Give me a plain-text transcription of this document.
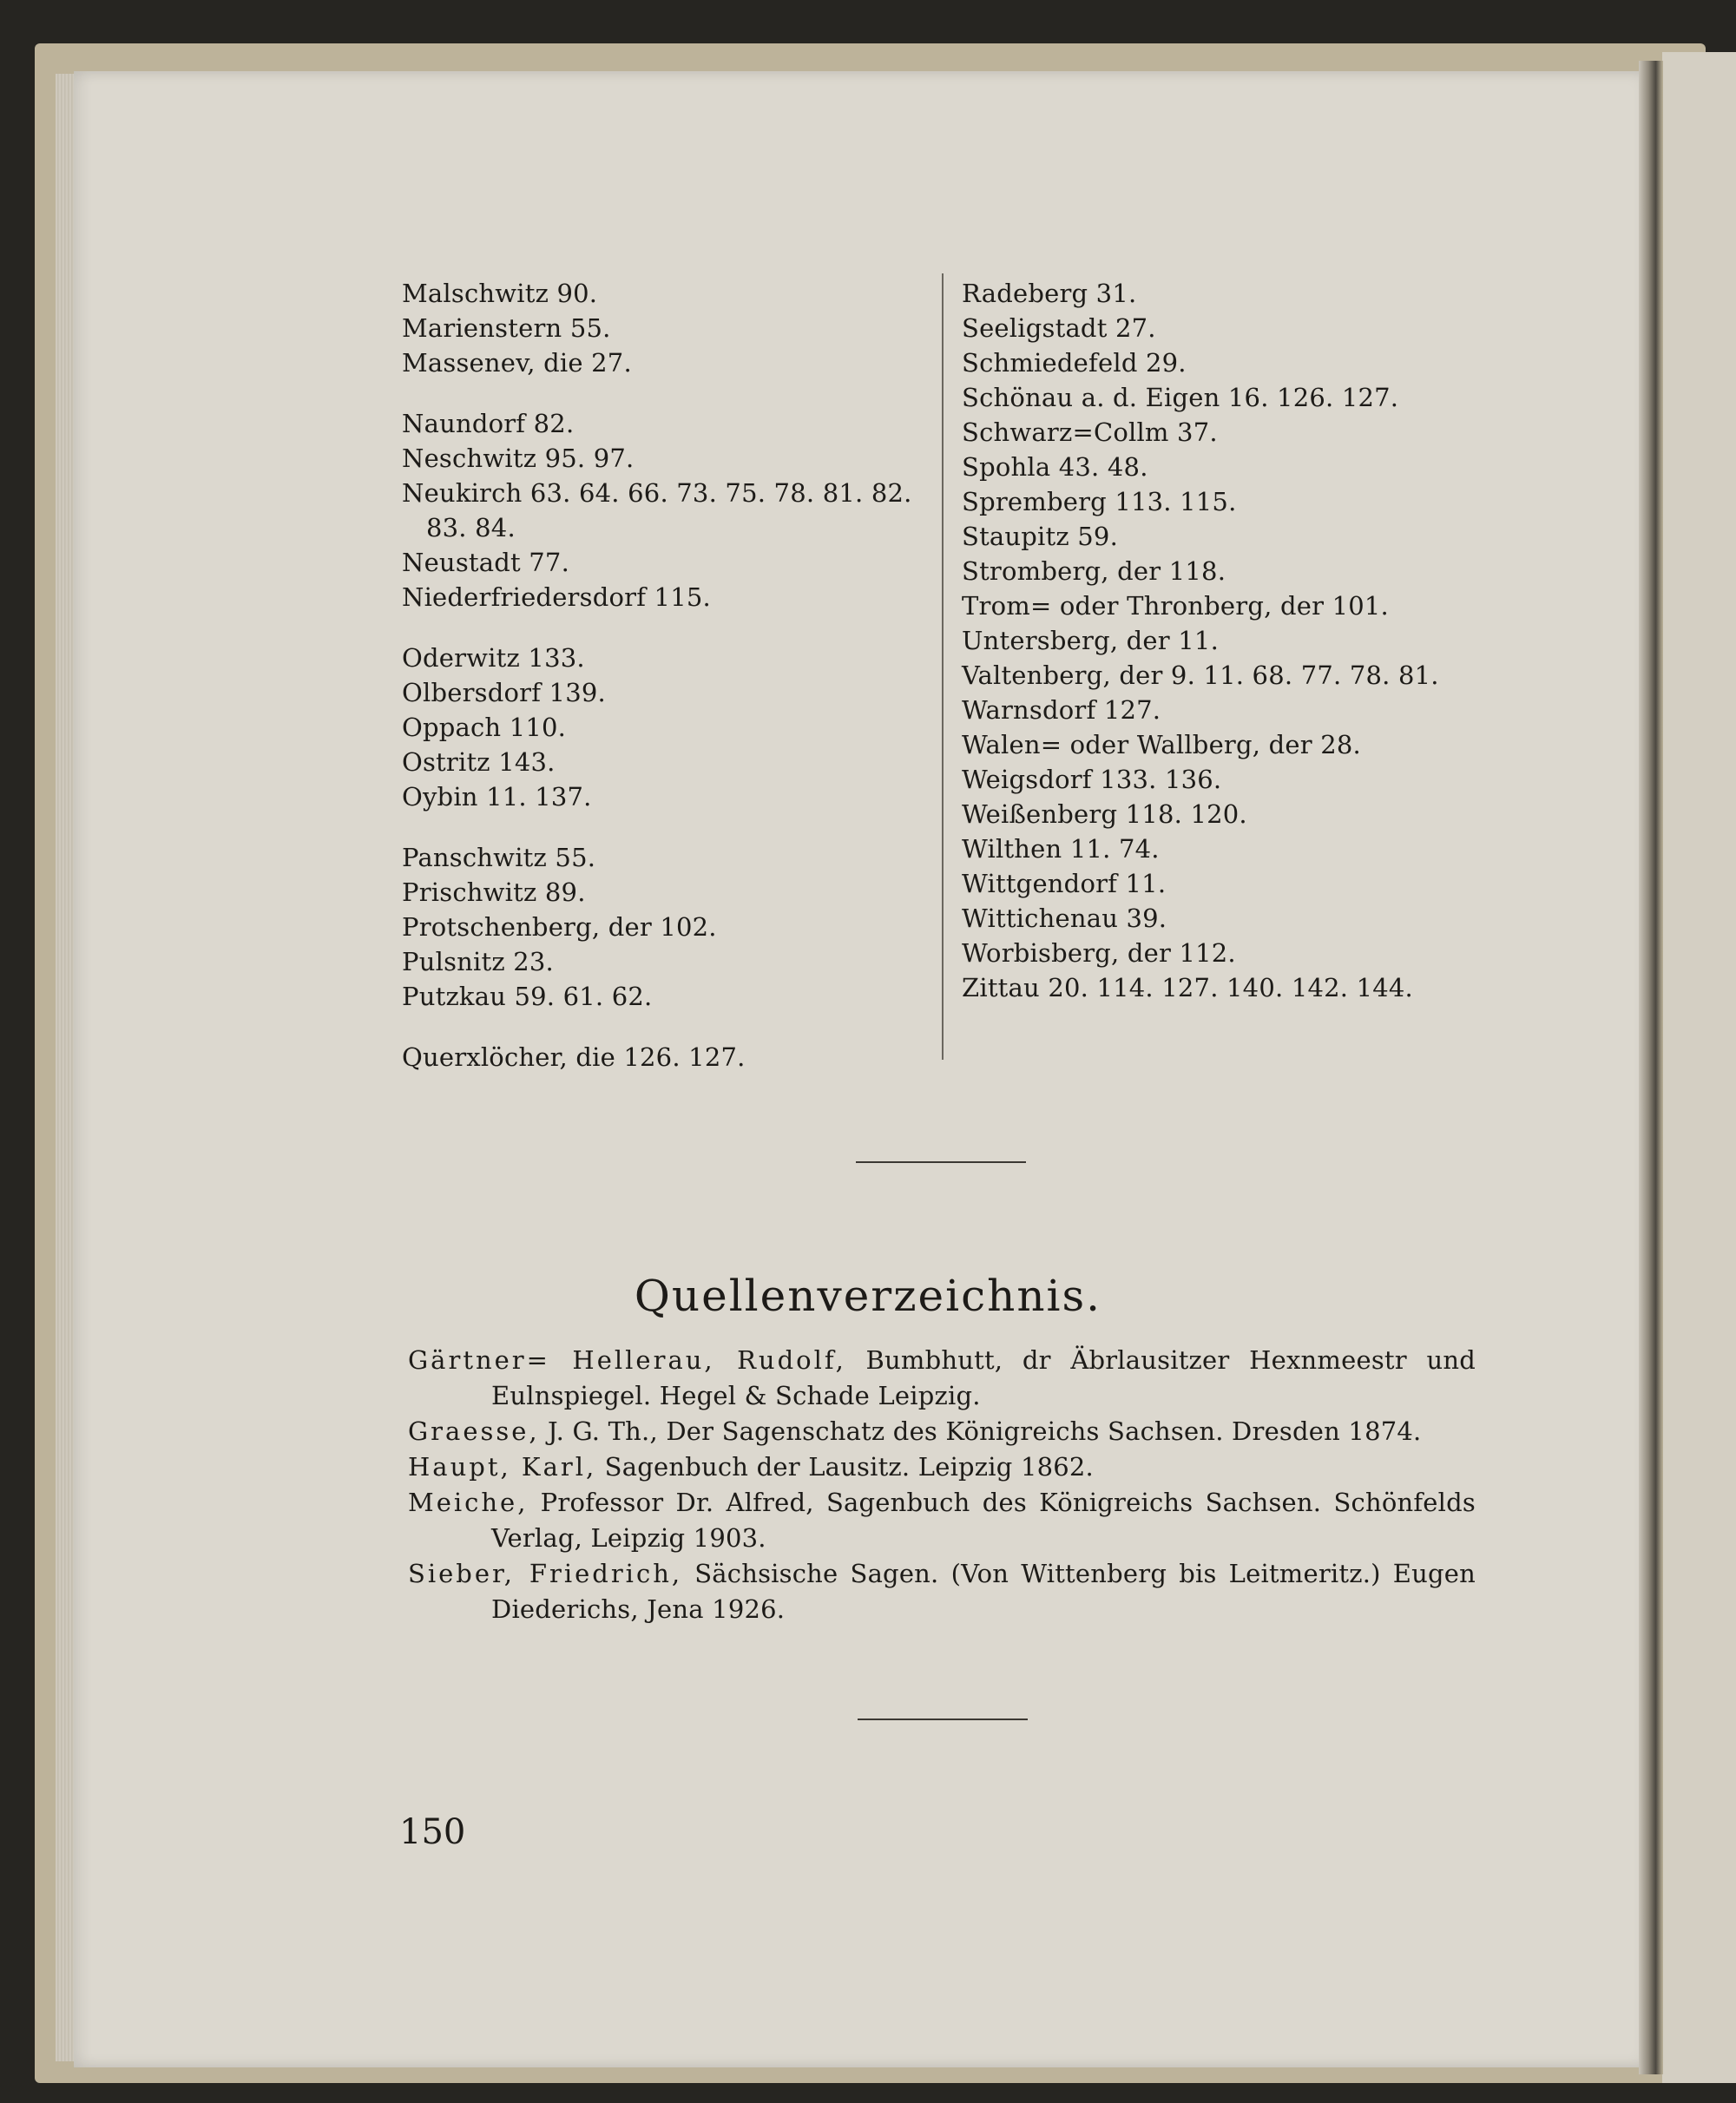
Malschwitz 90.
Marienstern 55.
Massenev, die 27.
Naundorf 82.
Neschwitz 95. 97.
Neukirch 63. 64. 66. 73. 75. 78. 81. 82.
83. 84.
Neustadt 77.
Niederfriedersdorf 115.
Oderwitz 133.
Olbersdorf 139.
Oppach 110.
Ostritz 143.
Oybin 11. 137.
Panschwitz 55.
Prischwitz 89.
Protschenberg, der 102.
Pulsnitz 23.
Putzkau 59. 61. 62.
Querxlöcher, die 126. 127.
Radeberg 31.
Seeligstadt 27.
Schmiedefeld 29.
Schönau a. d. Eigen 16. 126. 127.
Schwarz=Collm 37.
Spohla 43. 48.
Spremberg 113. 115.
Staupitz 59.
Stromberg, der 118.
Trom= oder Thronberg, der 101.
Untersberg, der 11.
Valtenberg, der 9. 11. 68. 77. 78. 81.
Warnsdorf 127.
Walen= oder Wallberg, der 28.
Weigsdorf 133. 136.
Weißenberg 118. 120.
Wilthen 11. 74.
Wittgendorf 11.
Wittichenau 39.
Worbisberg, der 112.
Zittau 20. 114. 127. 140. 142. 144.
Quellenverzeichnis.
Gärtner= Hellerau, Rudolf, Bumbhutt, dr Äbrlausitzer Hexnmeestr und Eulnspiegel. Hegel & Schade Leipzig.
Graesse, J. G. Th., Der Sagenschatz des Königreichs Sachsen. Dresden 1874.
Haupt, Karl, Sagenbuch der Lausitz. Leipzig 1862.
Meiche, Professor Dr. Alfred, Sagenbuch des Königreichs Sachsen. Schönfelds Verlag, Leipzig 1903.
Sieber, Friedrich, Sächsische Sagen. (Von Wittenberg bis Leitmeritz.) Eugen Diederichs, Jena 1926.
150
